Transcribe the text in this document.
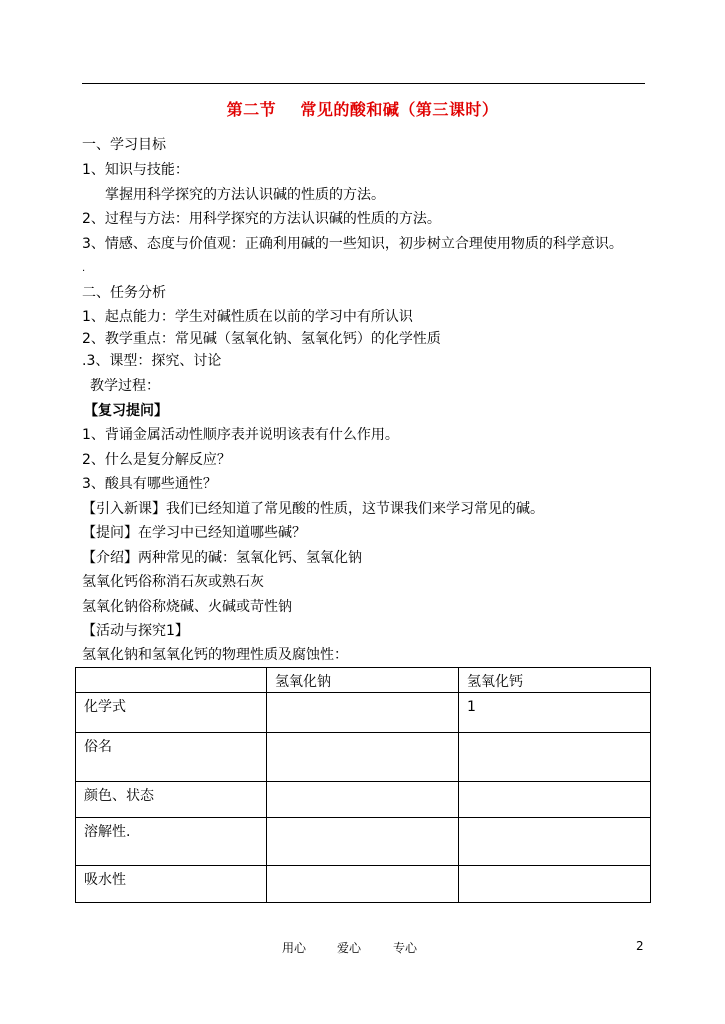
第二节    常见的酸和碱（第三课时）
一、学习目标
1、知识与技能：
掌握用科学探究的方法认识碱的性质的方法。
2、过程与方法：用科学探究的方法认识碱的性质的方法。
3、情感、态度与价值观：正确利用碱的一些知识，初步树立合理使用物质的科学意识。
.
二、任务分析
1、起点能力：学生对碱性质在以前的学习中有所认识
2、教学重点：常见碱（氢氧化钠、氢氧化钙）的化学性质
.3、课型：探究、讨论
教学过程：
【复习提问】
1、背诵金属活动性顺序表并说明该表有什么作用。
2、什么是复分解反应？
3、酸具有哪些通性？
【引入新课】我们已经知道了常见酸的性质，这节课我们来学习常见的碱。
【提问】在学习中已经知道哪些碱？
【介绍】两种常见的碱：氢氧化钙、氢氧化钠
氢氧化钙俗称消石灰或熟石灰
氢氧化钠俗称烧碱、火碱或苛性钠
【活动与探究1】
氢氧化钠和氢氧化钙的物理性质及腐蚀性：
	氢氧化钠	氢氧化钙
化学式		1
俗名		
颜色、状态		
溶解性.		
吸水性		
用心	爱心	专心	2
